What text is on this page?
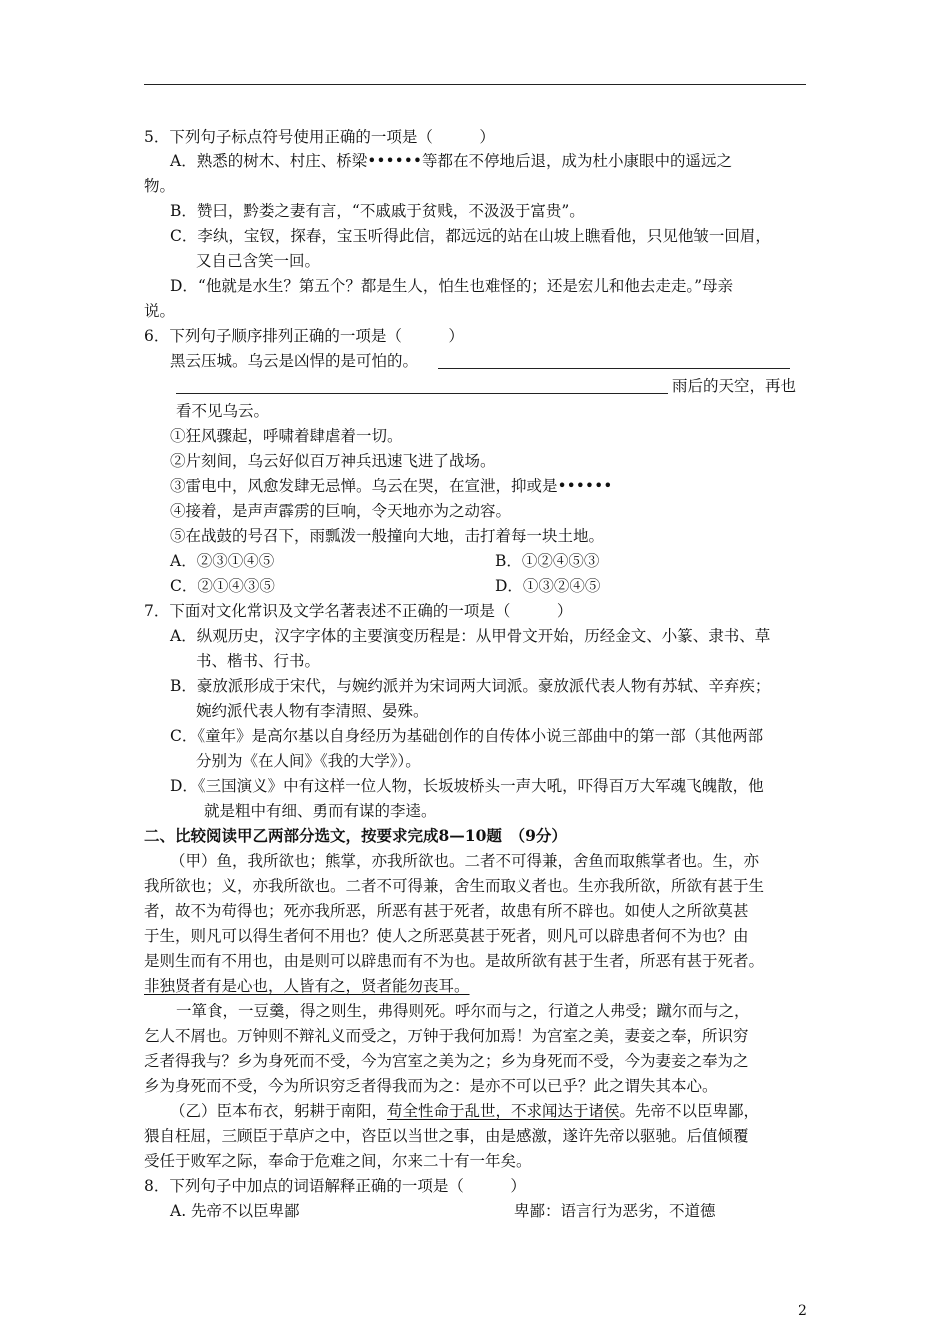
5．下列句子标点符号使用正确的一项是（　　　）
A．熟悉的树木、村庄、桥梁••••••等都在不停地后退，成为杜小康眼中的遥远之
物。
B．赞曰，黔娄之妻有言，“不戚戚于贫贱，不汲汲于富贵”。
C．李纨，宝钗，探春，宝玉听得此信，都远远的站在山坡上瞧看他，只见他皱一回眉，
又自己含笑一回。
D．“他就是水生？第五个？都是生人，怕生也难怪的；还是宏儿和他去走走。”母亲
说。
6．下列句子顺序排列正确的一项是（　　　）
黑云压城。乌云是凶悍的是可怕的。
雨后的天空，再也
看不见乌云。
①狂风骤起，呼啸着肆虐着一切。
②片刻间，乌云好似百万神兵迅速飞进了战场。
③雷电中，风愈发肆无忌惮。乌云在哭，在宣泄，抑或是••••••
④接着，是声声霹雳的巨响，令天地亦为之动容。
⑤在战鼓的号召下，雨瓢泼一般撞向大地，击打着每一块土地。
A．②③①④⑤	B．①②④⑤③
C．②①④③⑤	D．①③②④⑤
7．下面对文化常识及文学名著表述不正确的一项是（　　　）
A．纵观历史，汉字字体的主要演变历程是：从甲骨文开始，历经金文、小篆、隶书、草
书、楷书、行书。
B．豪放派形成于宋代，与婉约派并为宋词两大词派。豪放派代表人物有苏轼、辛弃疾；
婉约派代表人物有李清照、晏殊。
C．《童年》是高尔基以自身经历为基础创作的自传体小说三部曲中的第一部（其他两部
分别为《在人间》《我的大学》）。
D．《三国演义》中有这样一位人物，长坂坡桥头一声大吼，吓得百万大军魂飞魄散，他
就是粗中有细、勇而有谋的李逵。
二、比较阅读甲乙两部分选文，按要求完成8—10题　（9分）
（甲）鱼，我所欲也；熊掌，亦我所欲也。二者不可得兼，舍鱼而取熊掌者也。生，亦
我所欲也；义，亦我所欲也。二者不可得兼，舍生而取义者也。生亦我所欲，所欲有甚于生
者，故不为苟得也；死亦我所恶，所恶有甚于死者，故患有所不辟也。如使人之所欲莫甚
于生，则凡可以得生者何不用也？使人之所恶莫甚于死者，则凡可以辟患者何不为也？由
是则生而有不用也，由是则可以辟患而有不为也。是故所欲有甚于生者，所恶有甚于死者。
非独贤者有是心也，人皆有之，贤者能勿丧耳。
一箪食，一豆羹，得之则生，弗得则死。呼尔而与之，行道之人弗受；蹴尔而与之，
乞人不屑也。万钟则不辩礼义而受之，万钟于我何加焉！为宫室之美，妻妾之奉，所识穷
乏者得我与？乡为身死而不受，今为宫室之美为之；乡为身死而不受，今为妻妾之奉为之
乡为身死而不受，今为所识穷乏者得我而为之：是亦不可以已乎？此之谓失其本心。
（乙）臣本布衣，躬耕于南阳，苟全性命于乱世，不求闻达于诸侯。先帝不以臣卑鄙，
猥自枉屈，三顾臣于草庐之中，咨臣以当世之事，由是感激，遂许先帝以驱驰。后值倾覆
受任于败军之际，奉命于危难之间，尔来二十有一年矣。
8．下列句子中加点的词语解释正确的一项是（　　　）
A. 先帝不以臣卑鄙	卑鄙：语言行为恶劣，不道德
2
